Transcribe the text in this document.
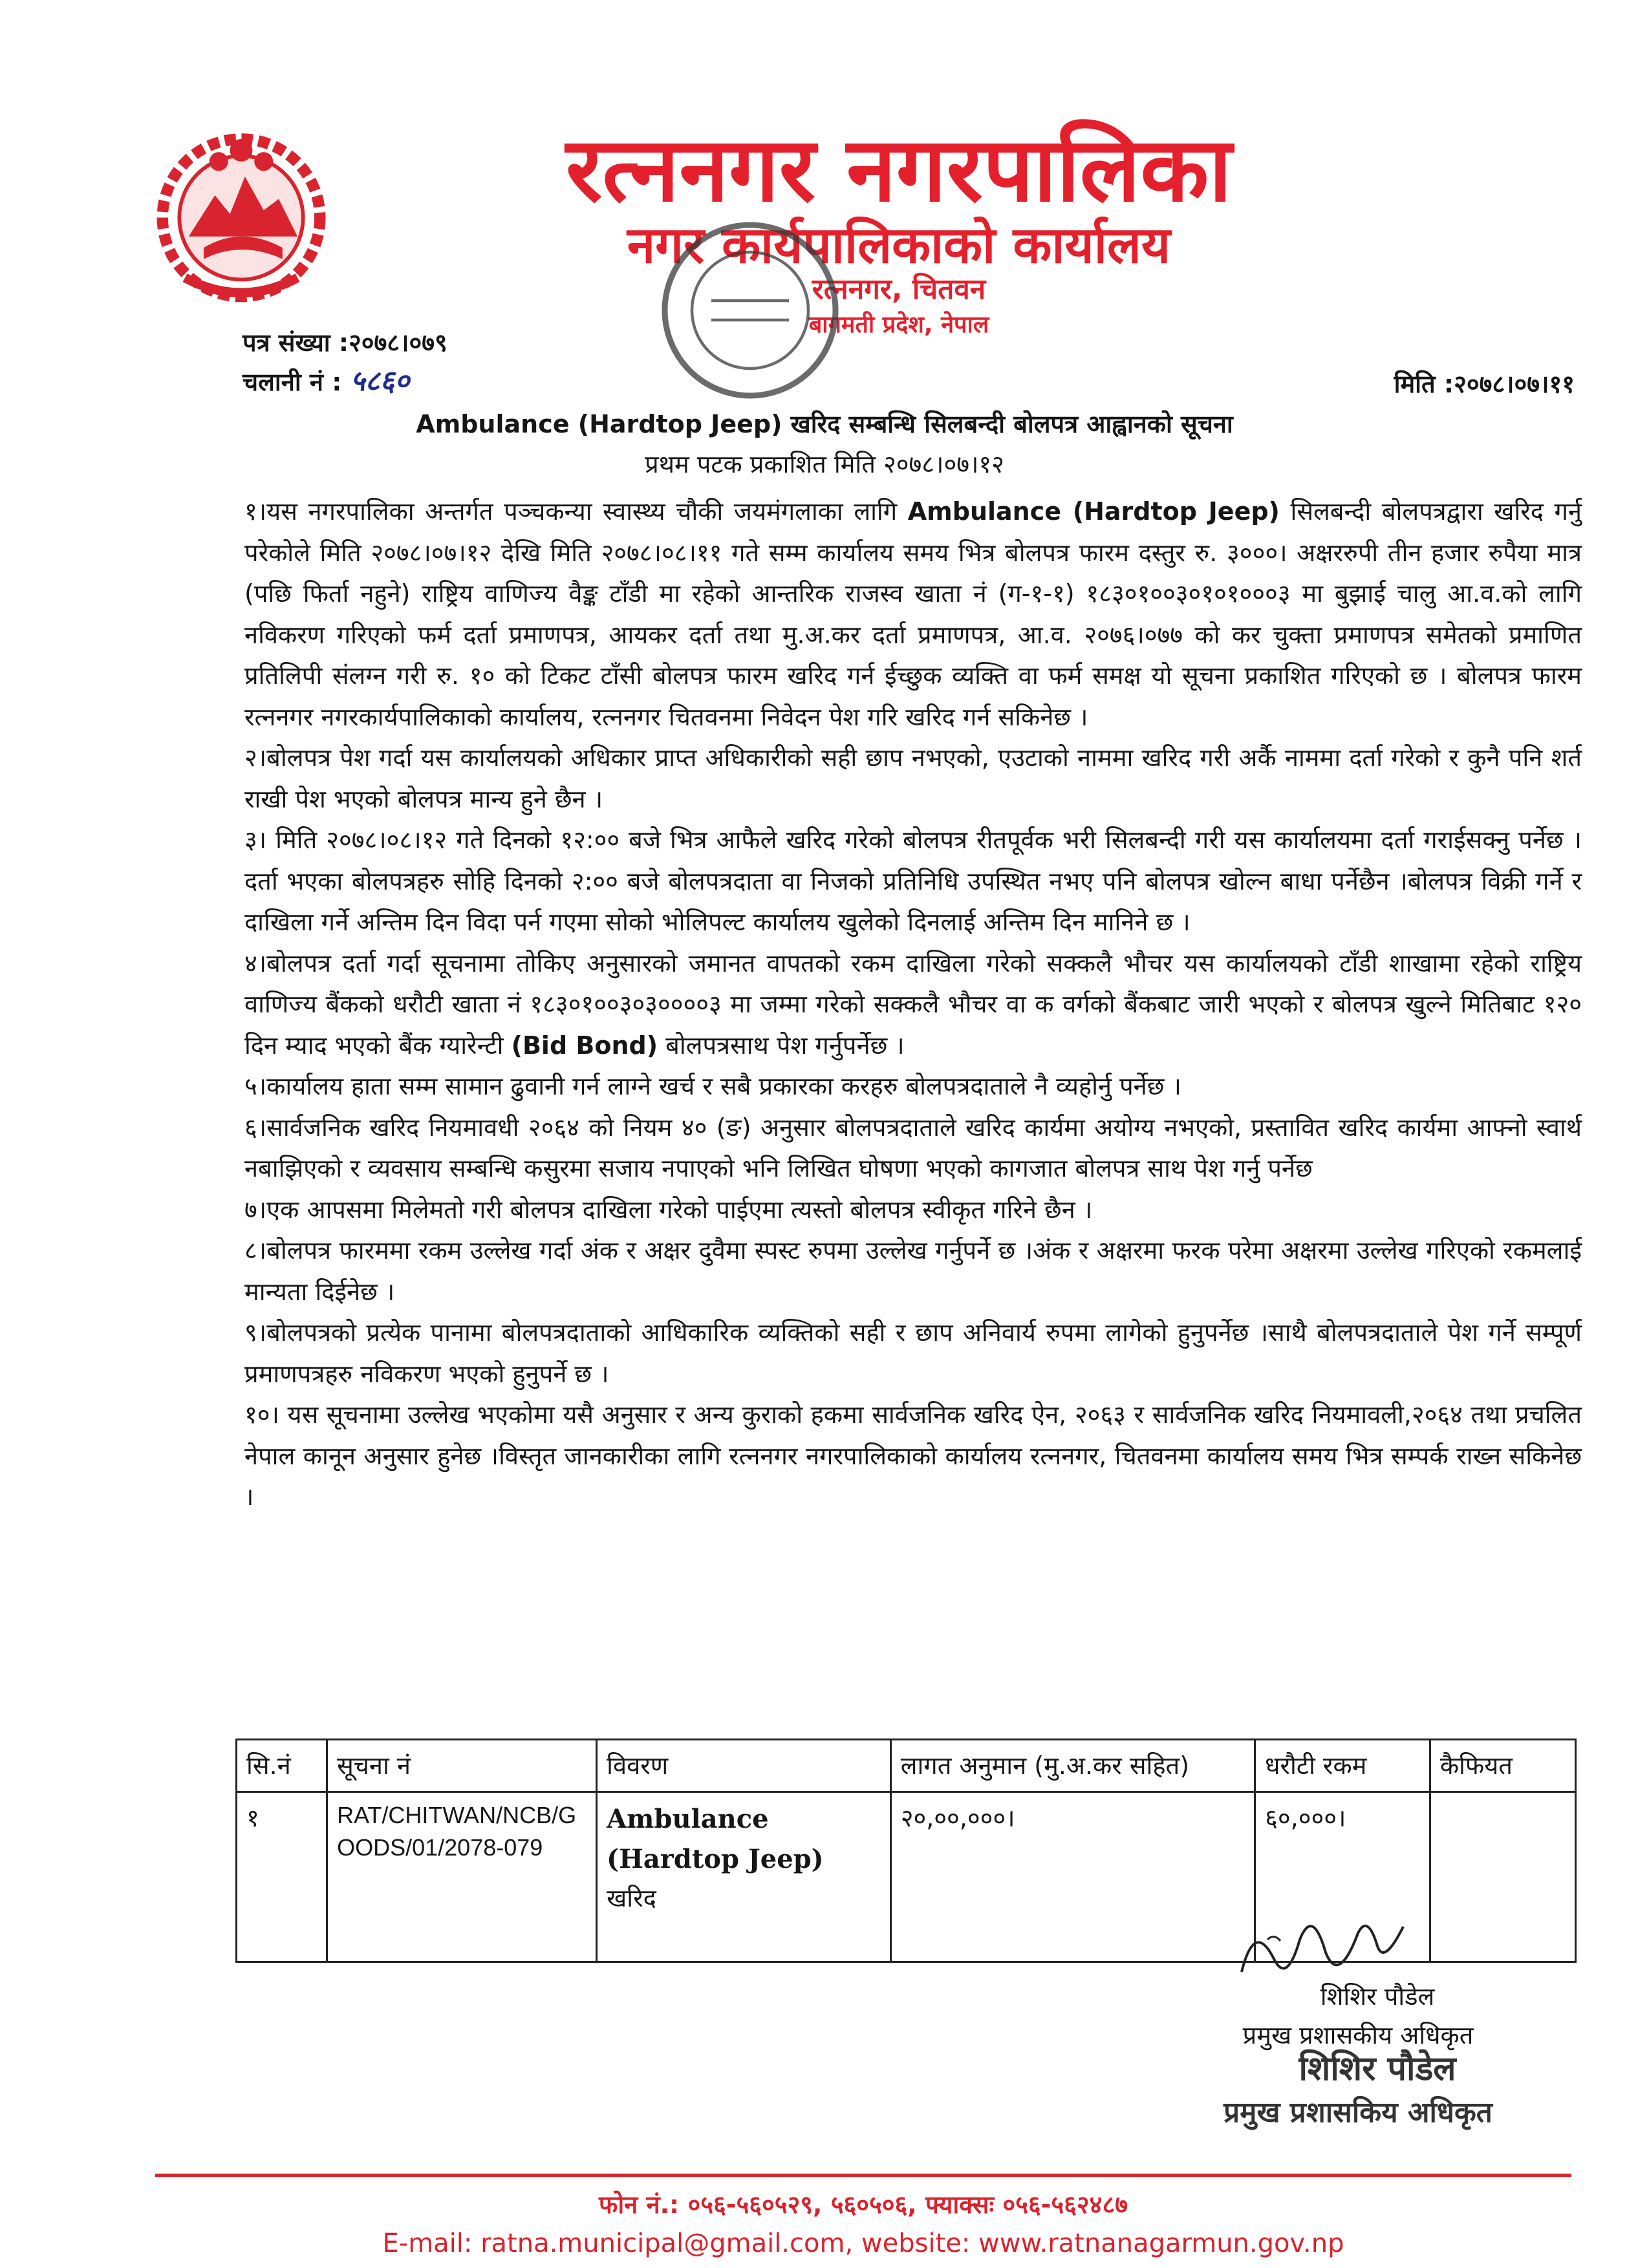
रत्ननगर नगरपालिका
नगर कार्यपालिकाको कार्यालय
रत्ननगर, चितवन
बागमती प्रदेश, नेपाल
पत्र संख्या :२०७८।०७९
चलानी नं : ५८६०	मिति :२०७८।०७।११
Ambulance (Hardtop Jeep) खरिद सम्बन्धि सिलबन्दी बोलपत्र आह्वानको सूचना
प्रथम पटक प्रकाशित मिति २०७८।०७।१२

१।यस नगरपालिका अन्तर्गत पञ्चकन्या स्वास्थ्य चौकी जयमंगलाका लागि Ambulance (Hardtop Jeep) सिलबन्दी बोलपत्रद्वारा खरिद गर्नु परेकोले मिति २०७८।०७।१२ देखि मिति २०७८।०८।११ गते सम्म कार्यालय समय भित्र बोलपत्र फारम दस्तुर रु. ३०००। अक्षररुपी तीन हजार रुपैया मात्र (पछि फिर्ता नहुने) राष्ट्रिय वाणिज्य वैङ्क टाँडी मा रहेको आन्तरिक राजस्व खाता नं (ग-१-१) १८३०१००३०१०१०००३ मा बुझाई चालु आ.व.को लागि नविकरण गरिएको फर्म दर्ता प्रमाणपत्र, आयकर दर्ता तथा मु.अ.कर दर्ता प्रमाणपत्र, आ.व. २०७६।०७७ को कर चुक्ता प्रमाणपत्र समेतको प्रमाणित प्रतिलिपी संलग्न गरी रु. १० को टिकट टाँसी बोलपत्र फारम खरिद गर्न ईच्छुक व्यक्ति वा फर्म समक्ष यो सूचना प्रकाशित गरिएको छ । बोलपत्र फारम रत्ननगर नगरकार्यपालिकाको कार्यालय, रत्ननगर चितवनमा निवेदन पेश गरि खरिद गर्न सकिनेछ ।

२।बोलपत्र पेश गर्दा यस कार्यालयको अधिकार प्राप्त अधिकारीको सही छाप नभएको, एउटाको नाममा खरिद गरी अर्कै नाममा दर्ता गरेको र कुनै पनि शर्त राखी पेश भएको बोलपत्र मान्य हुने छैन ।

३। मिति २०७८।०८।१२ गते दिनको १२:०० बजे भित्र आफैले खरिद गरेको बोलपत्र रीतपूर्वक भरी सिलबन्दी गरी यस कार्यालयमा दर्ता गराईसक्नु पर्नेछ । दर्ता भएका बोलपत्रहरु सोहि दिनको २:०० बजे बोलपत्रदाता वा निजको प्रतिनिधि उपस्थित नभए पनि बोलपत्र खोल्न बाधा पर्नेछैन ।बोलपत्र विक्री गर्ने र दाखिला गर्ने अन्तिम दिन विदा पर्न गएमा सोको भोलिपल्ट कार्यालय खुलेको दिनलाई अन्तिम दिन मानिने छ ।

४।बोलपत्र दर्ता गर्दा सूचनामा तोकिए अनुसारको जमानत वापतको रकम दाखिला गरेको सक्कलै भौचर यस कार्यालयको टाँडी शाखामा रहेको राष्ट्रिय वाणिज्य बैंकको धरौटी खाता नं १८३०१००३०३००००३ मा जम्मा गरेको सक्कलै भौचर वा क वर्गको बैंकबाट जारी भएको र बोलपत्र खुल्ने मितिबाट १२० दिन म्याद भएको बैंक ग्यारेन्टी (Bid Bond) बोलपत्रसाथ पेश गर्नुपर्नेछ ।

५।कार्यालय हाता सम्म सामान ढुवानी गर्न लाग्ने खर्च र सबै प्रकारका करहरु बोलपत्रदाताले नै व्यहोर्नु पर्नेछ ।

६।सार्वजनिक खरिद नियमावधी २०६४ को नियम ४० (ङ) अनुसार बोलपत्रदाताले खरिद कार्यमा अयोग्य नभएको, प्रस्तावित खरिद कार्यमा आफ्नो स्वार्थ नबाझिएको र व्यवसाय सम्बन्धि कसुरमा सजाय नपाएको भनि लिखित घोषणा भएको कागजात बोलपत्र साथ पेश गर्नु पर्नेछ

७।एक आपसमा मिलेमतो गरी बोलपत्र दाखिला गरेको पाईएमा त्यस्तो बोलपत्र स्वीकृत गरिने छैन ।

८।बोलपत्र फारममा रकम उल्लेख गर्दा अंक र अक्षर दुवैमा स्पस्ट रुपमा उल्लेख गर्नुपर्ने छ ।अंक र अक्षरमा फरक परेमा अक्षरमा उल्लेख गरिएको रकमलाई मान्यता दिईनेछ ।

९।बोलपत्रको प्रत्येक पानामा बोलपत्रदाताको आधिकारिक व्यक्तिको सही र छाप अनिवार्य रुपमा लागेको हुनुपर्नेछ ।साथै बोलपत्रदाताले पेश गर्ने सम्पूर्ण प्रमाणपत्रहरु नविकरण भएको हुनुपर्ने छ ।

१०। यस सूचनामा उल्लेख भएकोमा यसै अनुसार र अन्य कुराको हकमा सार्वजनिक खरिद ऐन, २०६३ र सार्वजनिक खरिद नियमावली,२०६४ तथा प्रचलित नेपाल कानून अनुसार हुनेछ ।विस्तृत जानकारीका लागि रत्ननगर नगरपालिकाको कार्यालय रत्ननगर, चितवनमा कार्यालय समय भित्र सम्पर्क राख्न सकिनेछ ।

सि.नं	सूचना नं	विवरण	लागत अनुमान (मु.अ.कर सहित)	धरौटी रकम	कैफियत
१	RAT/CHITWAN/NCB/GOODS/01/2078-079	Ambulance (Hardtop Jeep)
खरिद	२०,००,०००।	६०,०००।	
शिशिर पौडेल
प्रमुख प्रशासकीय अधिकृत
शिशिर पौडेल
प्रमुख प्रशासकिय अधिकृत
फोन नं.: ०५६-५६०५२९, ५६०५०६, फ्याक्सः ०५६-५६२४८७
E-mail: ratna.municipal@gmail.com, website: www.ratnanagarmun.gov.np
